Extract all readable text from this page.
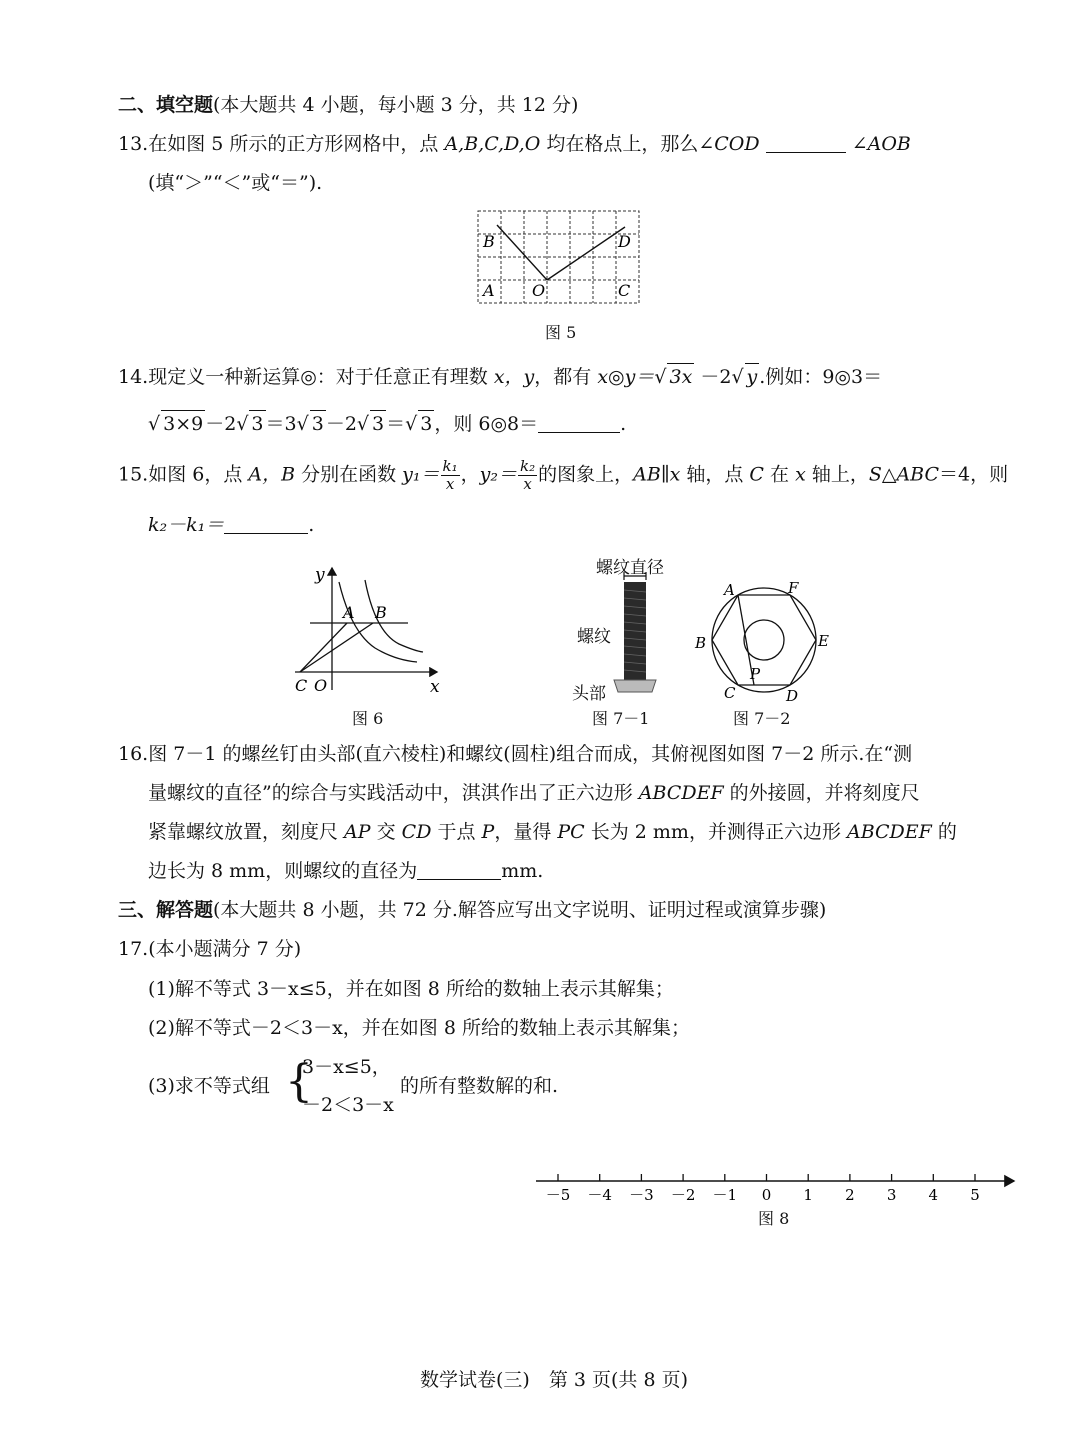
二、填空题(本大题共 4 小题，每小题 3 分，共 12 分)
13.在如图 5 所示的正方形网格中，点 A,B,C,D,O 均在格点上，那么∠COD	∠AOB
(填“＞”“＜”或“＝”).
B	D
A O	C
图 5
14.现定义一种新运算◎：对于任意正有理数 x，y，都有 x◎y＝√ 3x －2√ y .例如：9◎3＝
√ 3×9 －2√ 3 ＝3√ 3 －2√ 3 ＝√ 3 ，则 6◎8＝	.
15.如图 6，点 A，B 分别在函数 $y_1= \frac{\text{k₁}}{x}$ ，$y_2= \frac{\text{k₂}}{x}$ 的图象上，AB∥x 轴，点 C 在 x 轴上，S△ABC＝4，则
k₂－k₁＝	.
y
x
A B
C O
图 6
螺纹直径
螺纹
头部
图 7－1
A	F
B	E
C	D
P
图 7－2
16.图 7－1 的螺丝钉由头部(直六棱柱)和螺纹(圆柱)组合而成，其俯视图如图 7－2 所示.在“测
量螺纹的直径”的综合与实践活动中，淇淇作出了正六边形 ABCDEF 的外接圆，并将刻度尺
紧靠螺纹放置，刻度尺 AP 交 CD 于点 P，量得 PC 长为 2 mm，并测得正六边形 ABCDEF 的
边长为 8 mm，则螺纹的直径为	mm.
三、解答题(本大题共 8 小题，共 72 分.解答应写出文字说明、证明过程或演算步骤)
17.(本小题满分 7 分)
(1)解不等式 3－x≤5，并在如图 8 所给的数轴上表示其解集；
(2)解不等式－2＜3－x，并在如图 8 所给的数轴上表示其解集；
(3)求不等式组 {
3－x≤5，
－2＜3－x
的所有整数解的和.
－5 －4 －3 －2 －1 0 1 2 3 4 5
图 8
数学试卷(三)　第 3 页(共 8 页)
